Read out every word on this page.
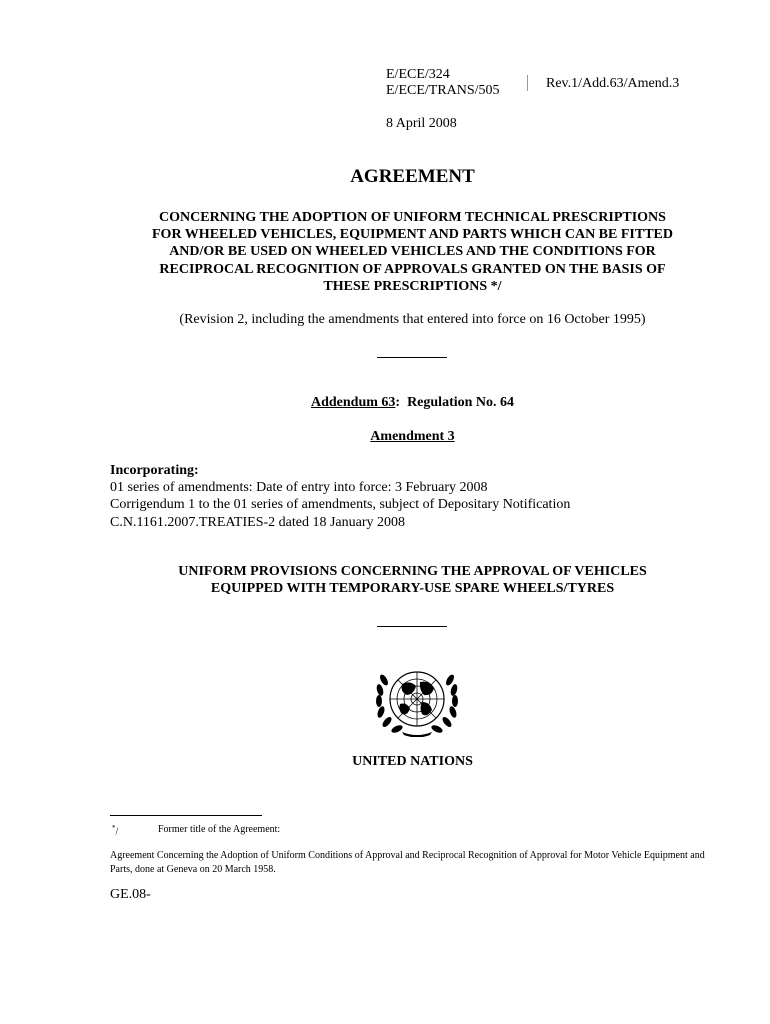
E/ECE/324
E/ECE/TRANS/505	Rev.1/Add.63/Amend.3
8 April 2008
AGREEMENT
CONCERNING THE ADOPTION OF UNIFORM TECHNICAL PRESCRIPTIONS
FOR WHEELED VEHICLES, EQUIPMENT AND PARTS WHICH CAN BE FITTED
AND/OR BE USED ON WHEELED VEHICLES AND THE CONDITIONS FOR
RECIPROCAL RECOGNITION OF APPROVALS GRANTED ON THE BASIS OF
THESE PRESCRIPTIONS */
(Revision 2, including the amendments that entered into force on 16 October 1995)
Addendum 63: Regulation No. 64
Amendment 3
Incorporating:
01 series of amendments: Date of entry into force: 3 February 2008
Corrigendum 1 to the 01 series of amendments, subject of Depositary Notification
C.N.1161.2007.TREATIES-2 dated 18 January 2008
UNIFORM PROVISIONS CONCERNING THE APPROVAL OF VEHICLES
EQUIPPED WITH TEMPORARY-USE SPARE WHEELS/TYRES
UNITED NATIONS
*/	Former title of the Agreement:
Agreement Concerning the Adoption of Uniform Conditions of Approval and Reciprocal Recognition of Approval for Motor Vehicle Equipment and Parts, done at Geneva on 20 March 1958.
GE.08-
